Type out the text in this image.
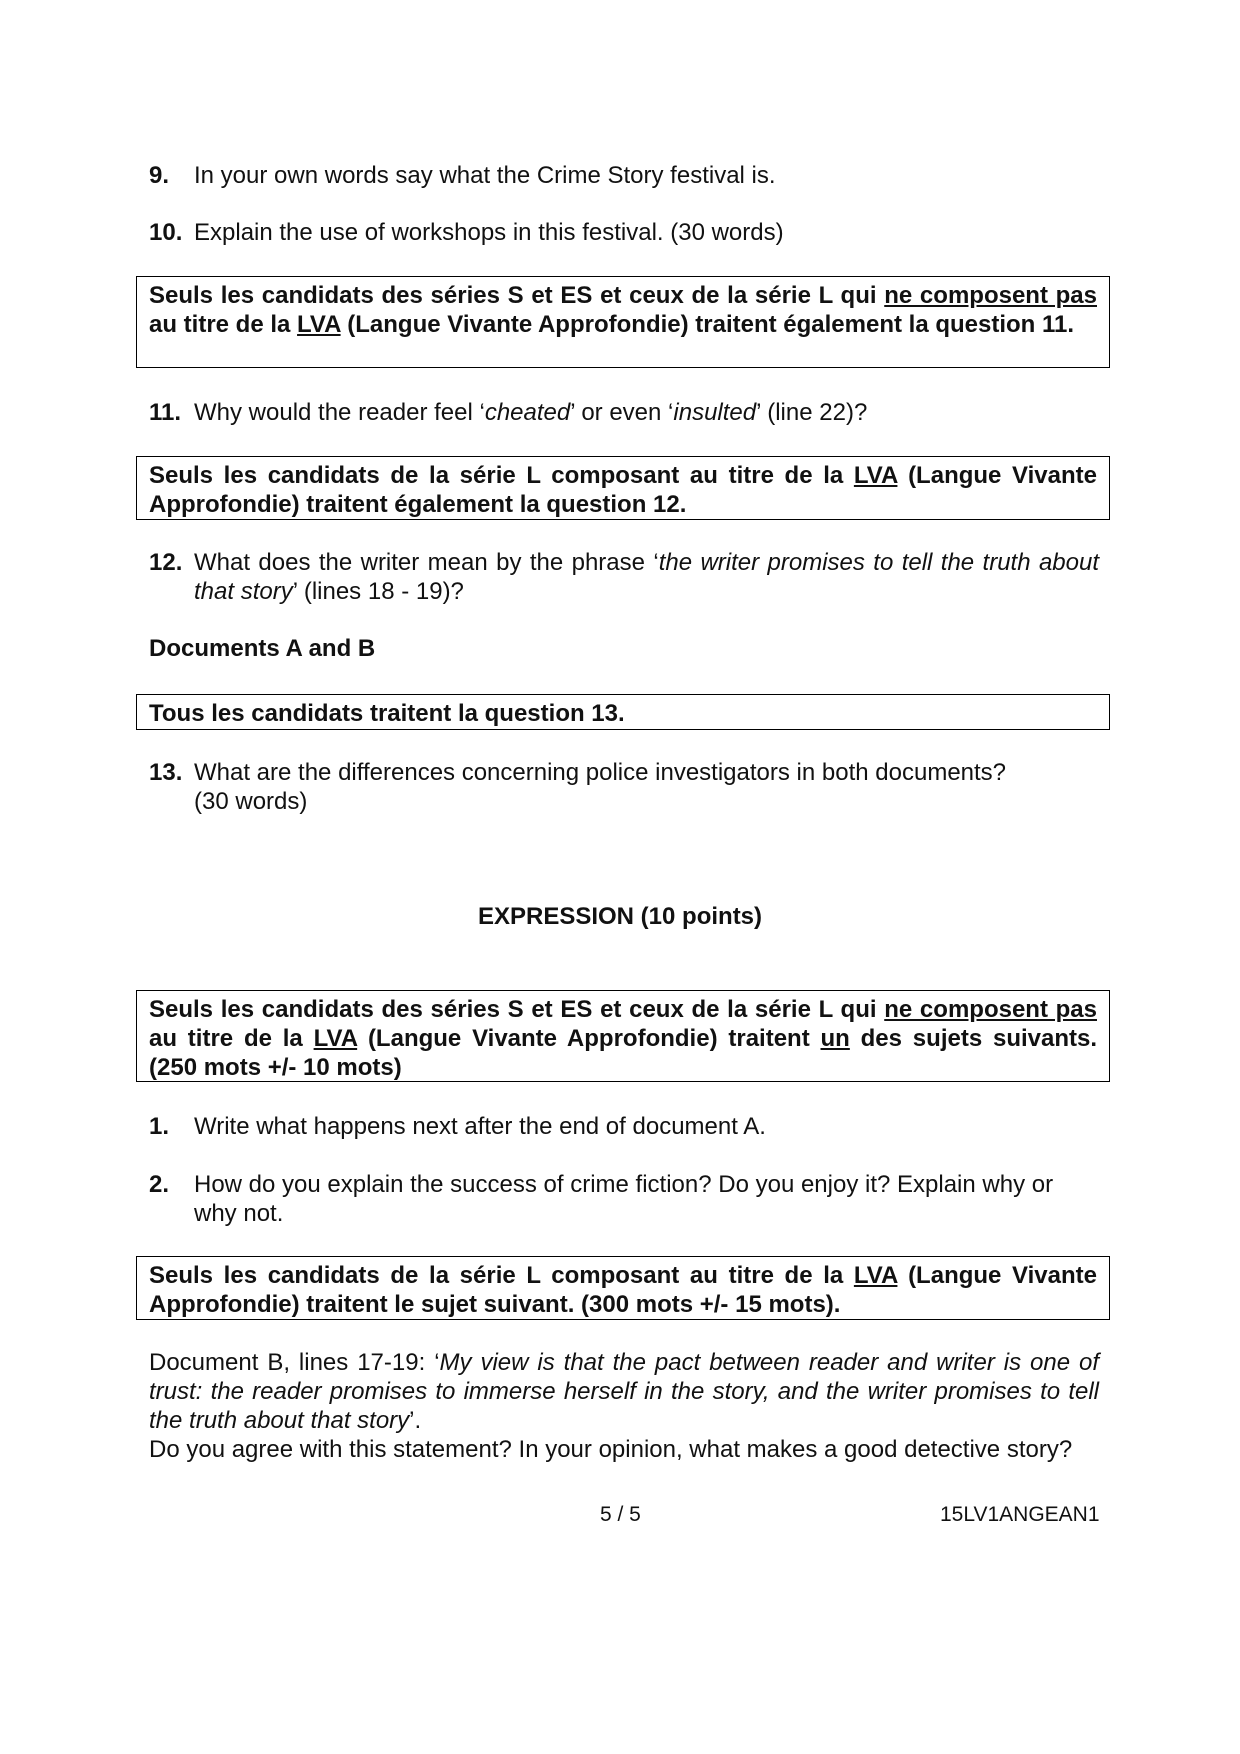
9. In your own words say what the Crime Story festival is.
10. Explain the use of workshops in this festival. (30 words)
Seuls les candidats des séries S et ES et ceux de la série L qui ne composent pas au titre de la LVA (Langue Vivante Approfondie) traitent également la question 11.
11. Why would the reader feel ‘cheated’ or even ‘insulted’ (line 22)?
Seuls les candidats de la série L composant au titre de la LVA (Langue Vivante Approfondie) traitent également la question 12.
12. What does the writer mean by the phrase ‘the writer promises to tell the truth about that story’ (lines 18 - 19)?
Documents A and B
Tous les candidats traitent la question 13.
13. What are the differences concerning police investigators in both documents?
(30 words)
EXPRESSION (10 points)
Seuls les candidats des séries S et ES et ceux de la série L qui ne composent pas au titre de la LVA (Langue Vivante Approfondie) traitent un des sujets suivants. (250 mots +/- 10 mots)
1. Write what happens next after the end of document A.
2. How do you explain the success of crime fiction? Do you enjoy it? Explain why or why not.
Seuls les candidats de la série L composant au titre de la LVA (Langue Vivante Approfondie) traitent le sujet suivant. (300 mots +/- 15 mots).
Document B, lines 17-19: ‘My view is that the pact between reader and writer is one of trust: the reader promises to immerse herself in the story, and the writer promises to tell the truth about that story’.
Do you agree with this statement? In your opinion, what makes a good detective story?
5 / 5	15LV1ANGEAN1
